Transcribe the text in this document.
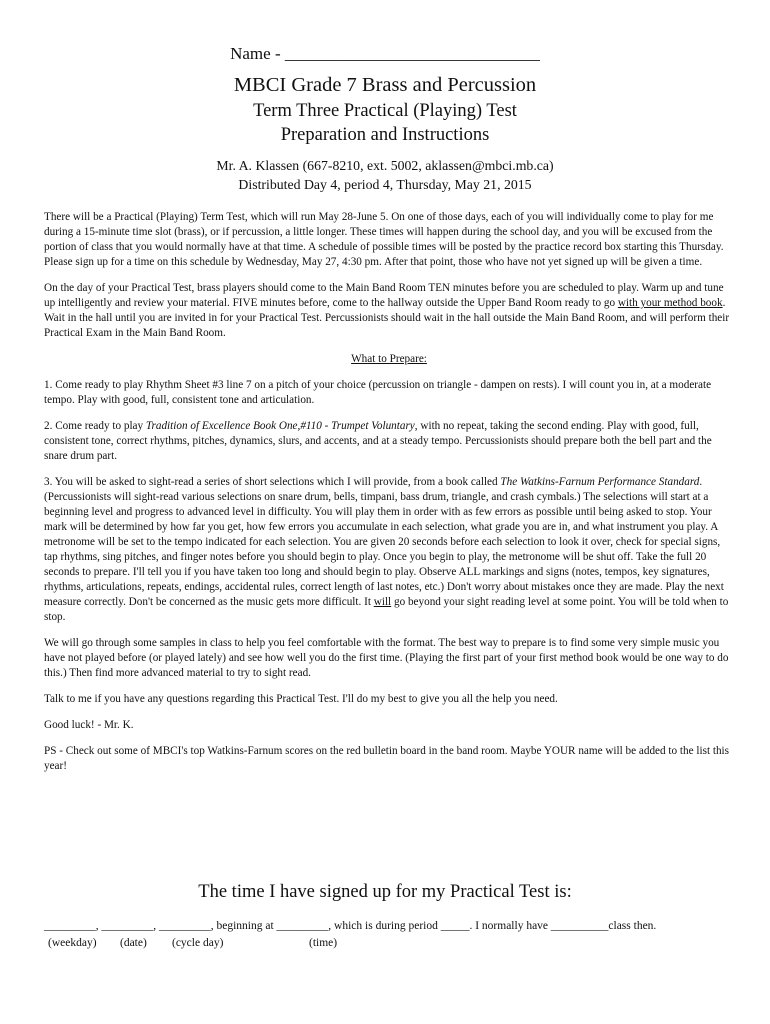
Name - ______________________________
MBCI Grade 7 Brass and Percussion
Term Three Practical (Playing) Test
Preparation and Instructions
Mr. A. Klassen (667-8210, ext. 5002, aklassen@mbci.mb.ca)
Distributed Day 4, period 4, Thursday, May 21, 2015

There will be a Practical (Playing) Term Test, which will run May 28-June 5. On one of those days, each of you will individually come to play for me during a 15-minute time slot (brass), or if percussion, a little longer. These times will happen during the school day, and you will be excused from the portion of class that you would normally have at that time. A schedule of possible times will be posted by the practice record box starting this Thursday. Please sign up for a time on this schedule by Wednesday, May 27, 4:30 pm. After that point, those who have not yet signed up will be given a time.

On the day of your Practical Test, brass players should come to the Main Band Room TEN minutes before you are scheduled to play. Warm up and tune up intelligently and review your material. FIVE minutes before, come to the hallway outside the Upper Band Room ready to go with your method book. Wait in the hall until you are invited in for your Practical Test. Percussionists should wait in the hall outside the Main Band Room, and will perform their Practical Exam in the Main Band Room.

What to Prepare:

1. Come ready to play Rhythm Sheet #3 line 7 on a pitch of your choice (percussion on triangle - dampen on rests). I will count you in, at a moderate tempo. Play with good, full, consistent tone and articulation.

2. Come ready to play Tradition of Excellence Book One,#110 - Trumpet Voluntary, with no repeat, taking the second ending. Play with good, full, consistent tone, correct rhythms, pitches, dynamics, slurs, and accents, and at a steady tempo. Percussionists should prepare both the bell part and the snare drum part.

3. You will be asked to sight-read a series of short selections which I will provide, from a book called The Watkins-Farnum Performance Standard. (Percussionists will sight-read various selections on snare drum, bells, timpani, bass drum, triangle, and crash cymbals.) The selections will start at a beginning level and progress to advanced level in difficulty. You will play them in order with as few errors as possible until being asked to stop. Your mark will be determined by how far you get, how few errors you accumulate in each selection, what grade you are in, and what instrument you play. A metronome will be set to the tempo indicated for each selection. You are given 20 seconds before each selection to look it over, check for special signs, tap rhythms, sing pitches, and finger notes before you should begin to play. Once you begin to play, the metronome will be shut off. Take the full 20 seconds to prepare. I'll tell you if you have taken too long and should begin to play. Observe ALL markings and signs (notes, tempos, key signatures, rhythms, articulations, repeats, endings, accidental rules, correct length of last notes, etc.) Don't worry about mistakes once they are made. Play the next measure correctly. Don't be concerned as the music gets more difficult. It will go beyond your sight reading level at some point. You will be told when to stop.

We will go through some samples in class to help you feel comfortable with the format. The best way to prepare is to find some very simple music you have not played before (or played lately) and see how well you do the first time. (Playing the first part of your first method book would be one way to do this.) Then find more advanced material to try to sight read.

Talk to me if you have any questions regarding this Practical Test. I'll do my best to give you all the help you need.

Good luck! - Mr. K.

PS - Check out some of MBCI's top Watkins-Farnum scores on the red bulletin board in the band room. Maybe YOUR name will be added to the list this year!

The time I have signed up for my Practical Test is:
_________, _________, _________, beginning at _________, which is during period _____. I normally have __________class then.
(weekday) (date) (cycle day)	(time)
